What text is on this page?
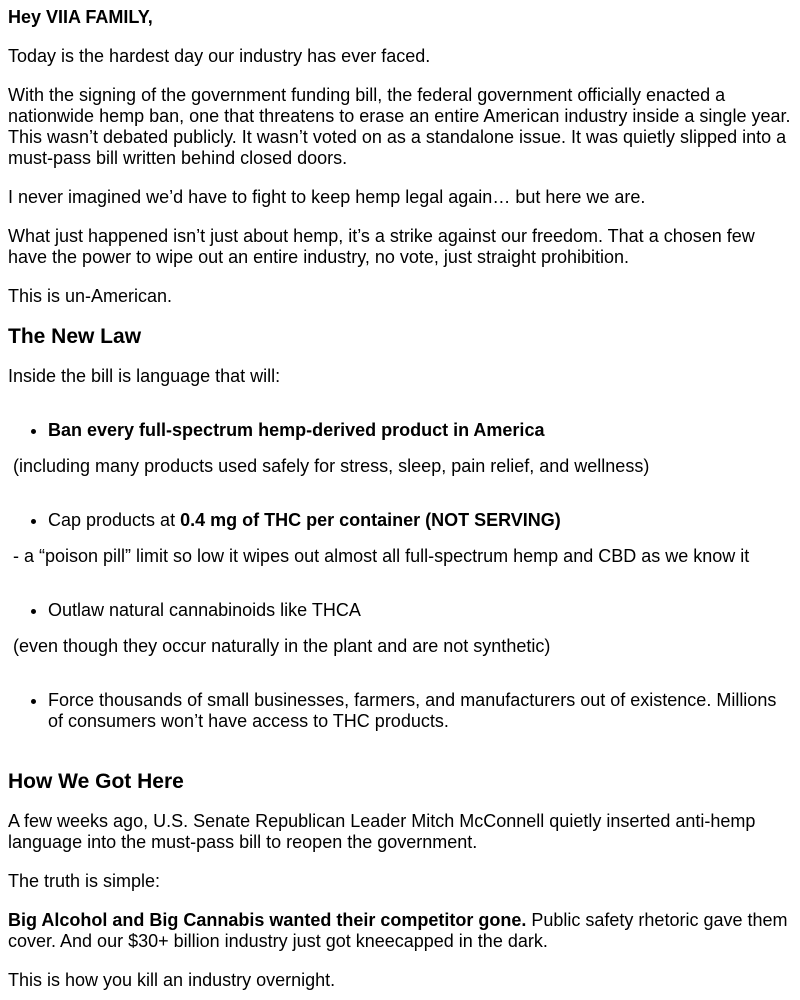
Hey VIIA FAMILY,

Today is the hardest day our industry has ever faced.

With the signing of the government funding bill, the federal government officially enacted a nationwide hemp ban, one that threatens to erase an entire American industry inside a single year. This wasn’t debated publicly. It wasn’t voted on as a standalone issue. It was quietly slipped into a must-pass bill written behind closed doors.

I never imagined we’d have to fight to keep hemp legal again… but here we are.

What just happened isn’t just about hemp, it’s a strike against our freedom. That a chosen few have the power to wipe out an entire industry, no vote, just straight prohibition.

This is un-American.

The New Law

Inside the bill is language that will:

• Ban every full-spectrum hemp-derived product in America

(including many products used safely for stress, sleep, pain relief, and wellness)

• Cap products at 0.4 mg of THC per container (NOT SERVING)

- a “poison pill” limit so low it wipes out almost all full-spectrum hemp and CBD as we know it

• Outlaw natural cannabinoids like THCA

(even though they occur naturally in the plant and are not synthetic)

• Force thousands of small businesses, farmers, and manufacturers out of existence. Millions of consumers won’t have access to THC products.
How We Got Here

A few weeks ago, U.S. Senate Republican Leader Mitch McConnell quietly inserted anti-hemp language into the must-pass bill to reopen the government.

The truth is simple:

Big Alcohol and Big Cannabis wanted their competitor gone. Public safety rhetoric gave them cover. And our $30+ billion industry just got kneecapped in the dark.

This is how you kill an industry overnight.
